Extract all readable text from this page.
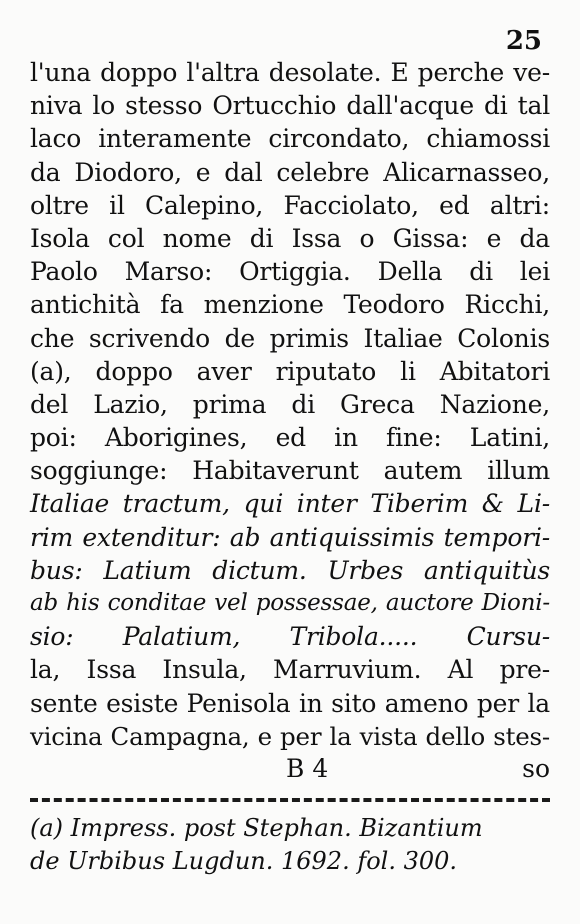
25
l'una doppo l'altra desolate. E perche ve-
niva lo stesso Ortucchio dall'acque di tal
laco interamente circondato, chiamossi
da Diodoro, e dal celebre Alicarnasseo,
oltre il Calepino, Facciolato, ed altri:
Isola col nome di Issa o Gissa: e da
Paolo Marso: Ortiggia. Della di lei
antichità fa menzione Teodoro Ricchi,
che scrivendo de primis Italiae Colonis
(a), doppo aver riputato li Abitatori
del Lazio, prima di Greca Nazione,
poi: Aborigines, ed in fine: Latini,
soggiunge: Habitaverunt autem illum
Italiae tractum, qui inter Tiberim & Li-
rim extenditur: ab antiquissimis tempori-
bus: Latium dictum. Urbes antiquitùs
ab his conditae vel possessae, auctore Dioni-
sio: Palatium, Tribola..... Cursu-
la, Issa Insula, Marruvium. Al pre-
sente esiste Penisola in sito ameno per la
vicina Campagna, e per la vista dello stes-
B 4	so
(a) Impress. post Stephan. Bizantium
de Urbibus Lugdun. 1692. fol. 300.
